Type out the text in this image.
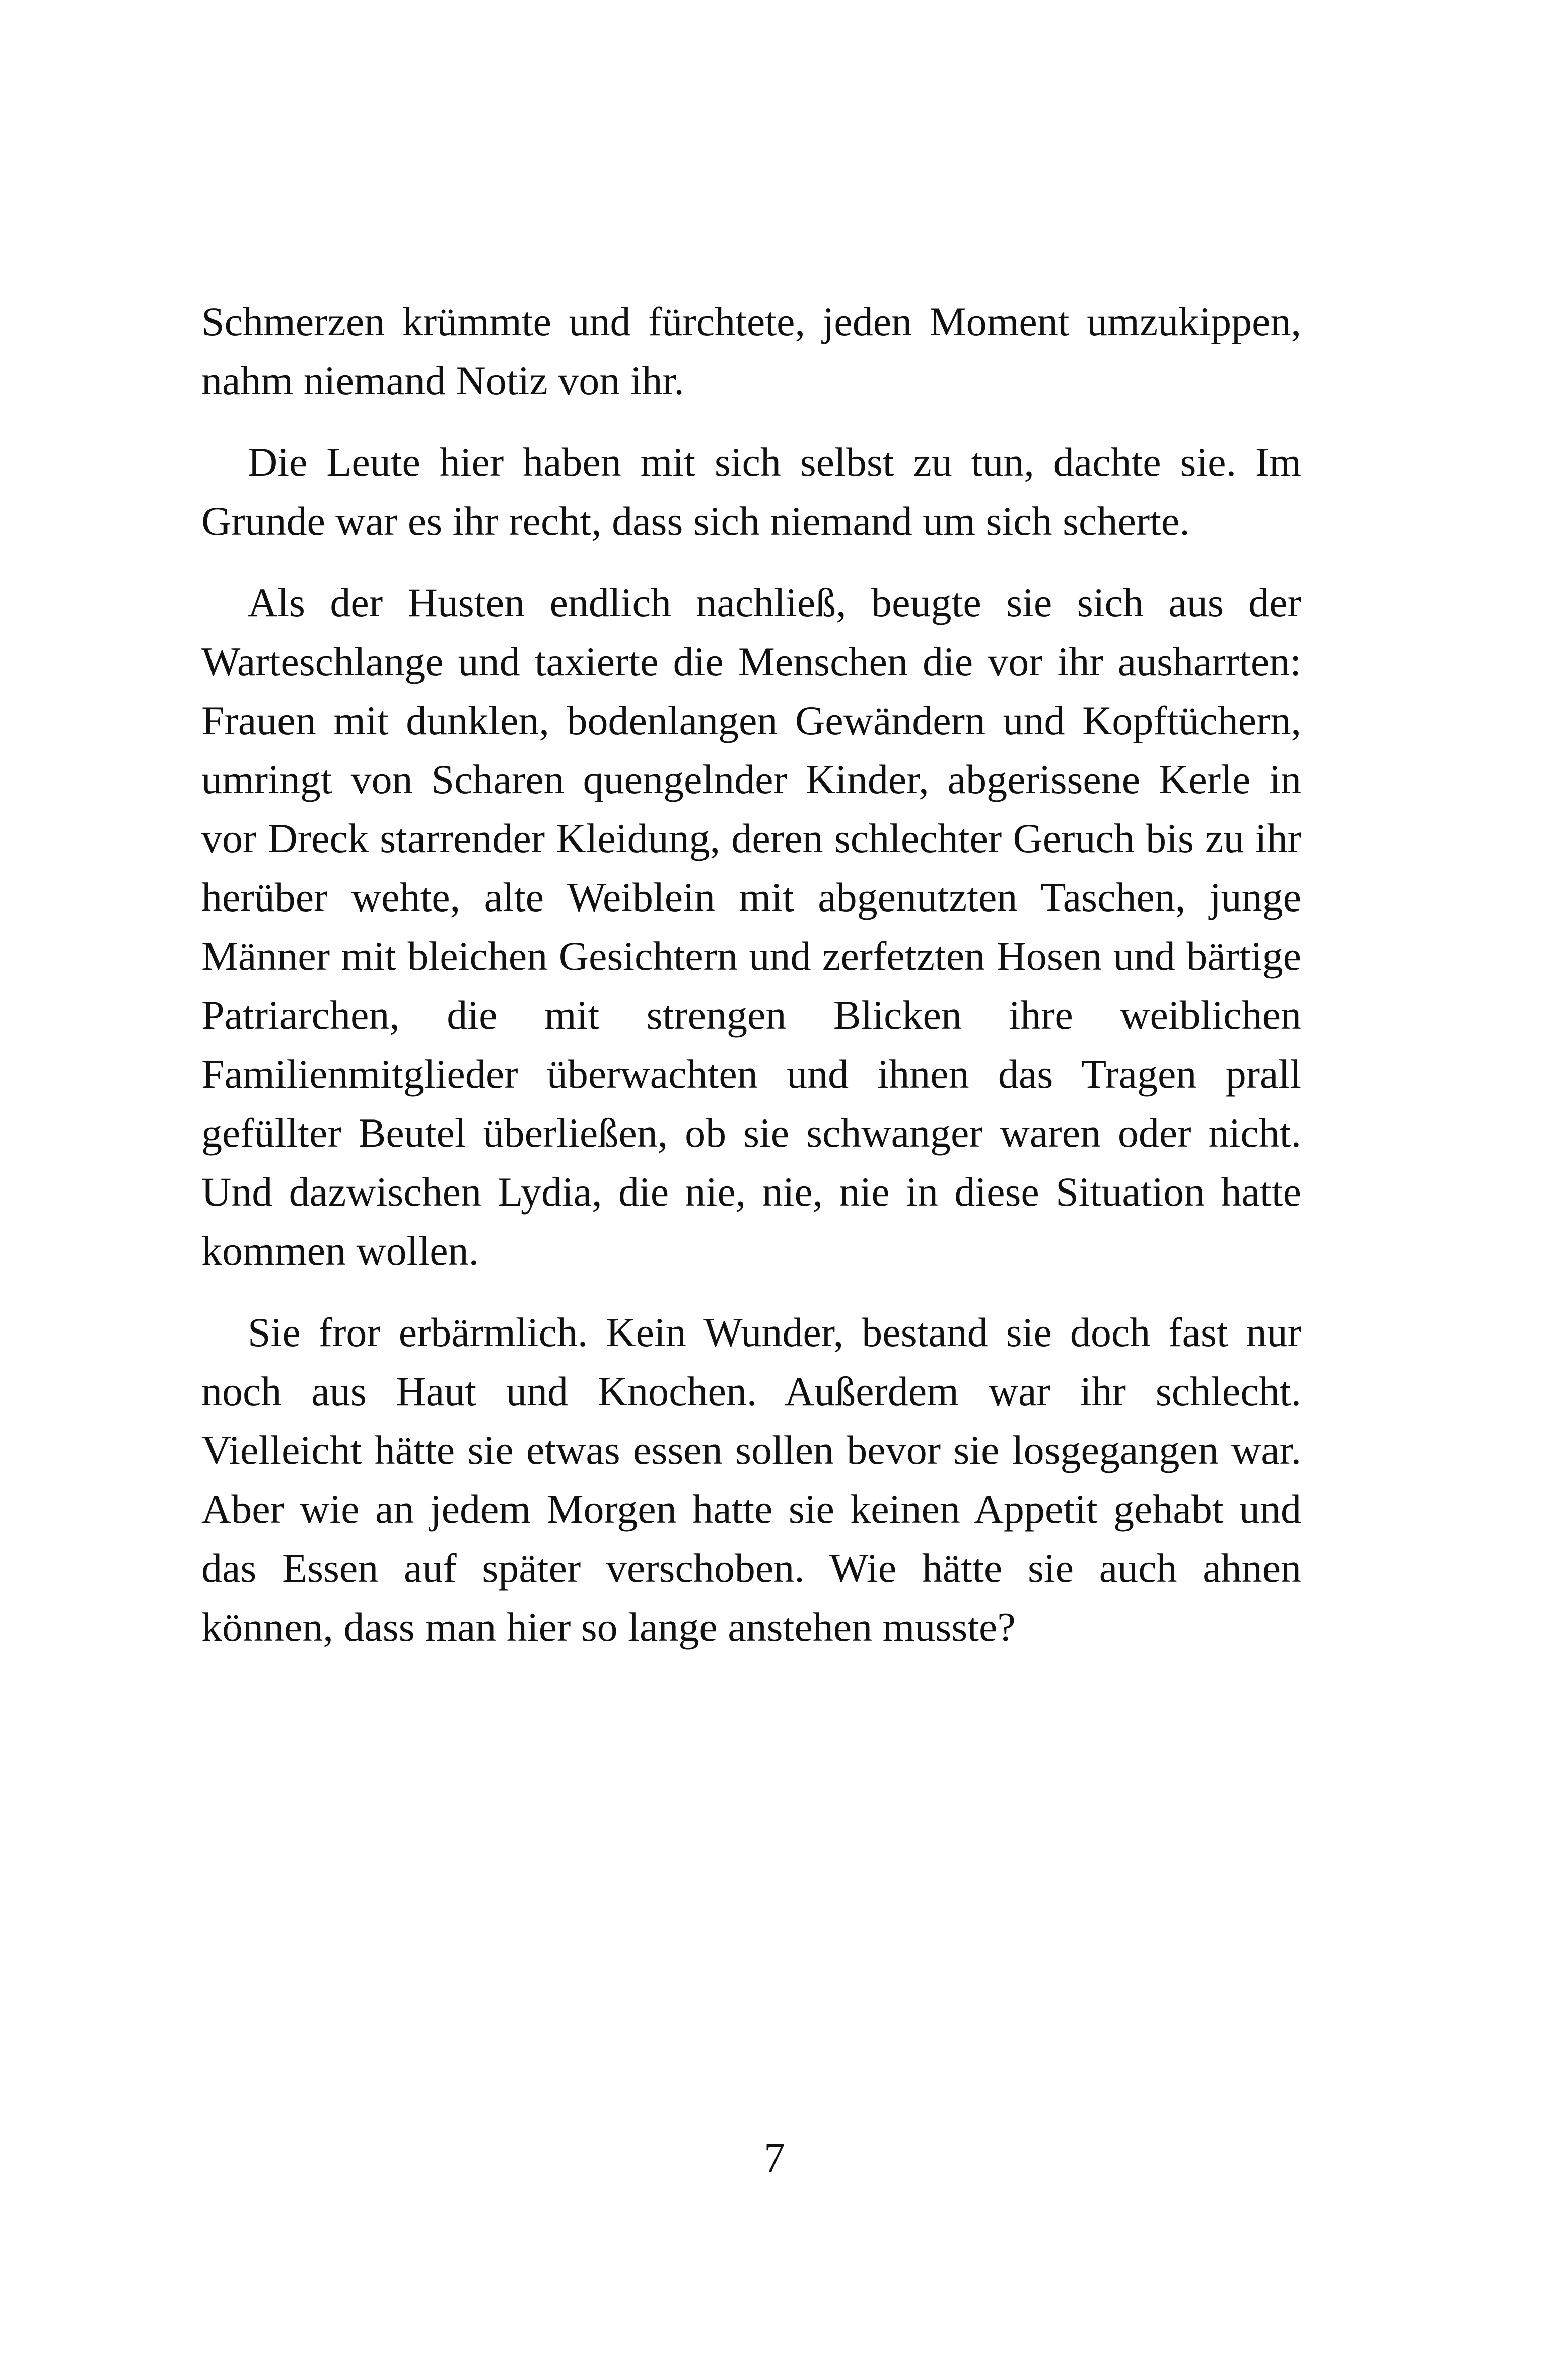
Schmerzen krümmte und fürchtete, jeden Moment umzukippen, nahm niemand Notiz von ihr.

Die Leute hier haben mit sich selbst zu tun, dachte sie. Im Grunde war es ihr recht, dass sich niemand um sich scherte.

Als der Husten endlich nachließ, beugte sie sich aus der Warteschlange und taxierte die Menschen die vor ihr ausharrten: Frauen mit dunklen, bodenlangen Gewändern und Kopftüchern, umringt von Scharen quengelnder Kinder, abgerissene Kerle in vor Dreck starrender Kleidung, deren schlechter Geruch bis zu ihr herüber wehte, alte Weiblein mit abgenutzten Taschen, junge Männer mit bleichen Gesichtern und zerfetzten Hosen und bärtige Patriarchen, die mit strengen Blicken ihre weiblichen Familienmitglieder überwachten und ihnen das Tragen prall gefüllter Beutel überließen, ob sie schwanger waren oder nicht. Und dazwischen Lydia, die nie, nie, nie in diese Situation hatte kommen wollen.

Sie fror erbärmlich. Kein Wunder, bestand sie doch fast nur noch aus Haut und Knochen. Außerdem war ihr schlecht. Vielleicht hätte sie etwas essen sollen bevor sie losgegangen war. Aber wie an jedem Morgen hatte sie keinen Appetit gehabt und das Essen auf später verschoben. Wie hätte sie auch ahnen können, dass man hier so lange anstehen musste?

7
